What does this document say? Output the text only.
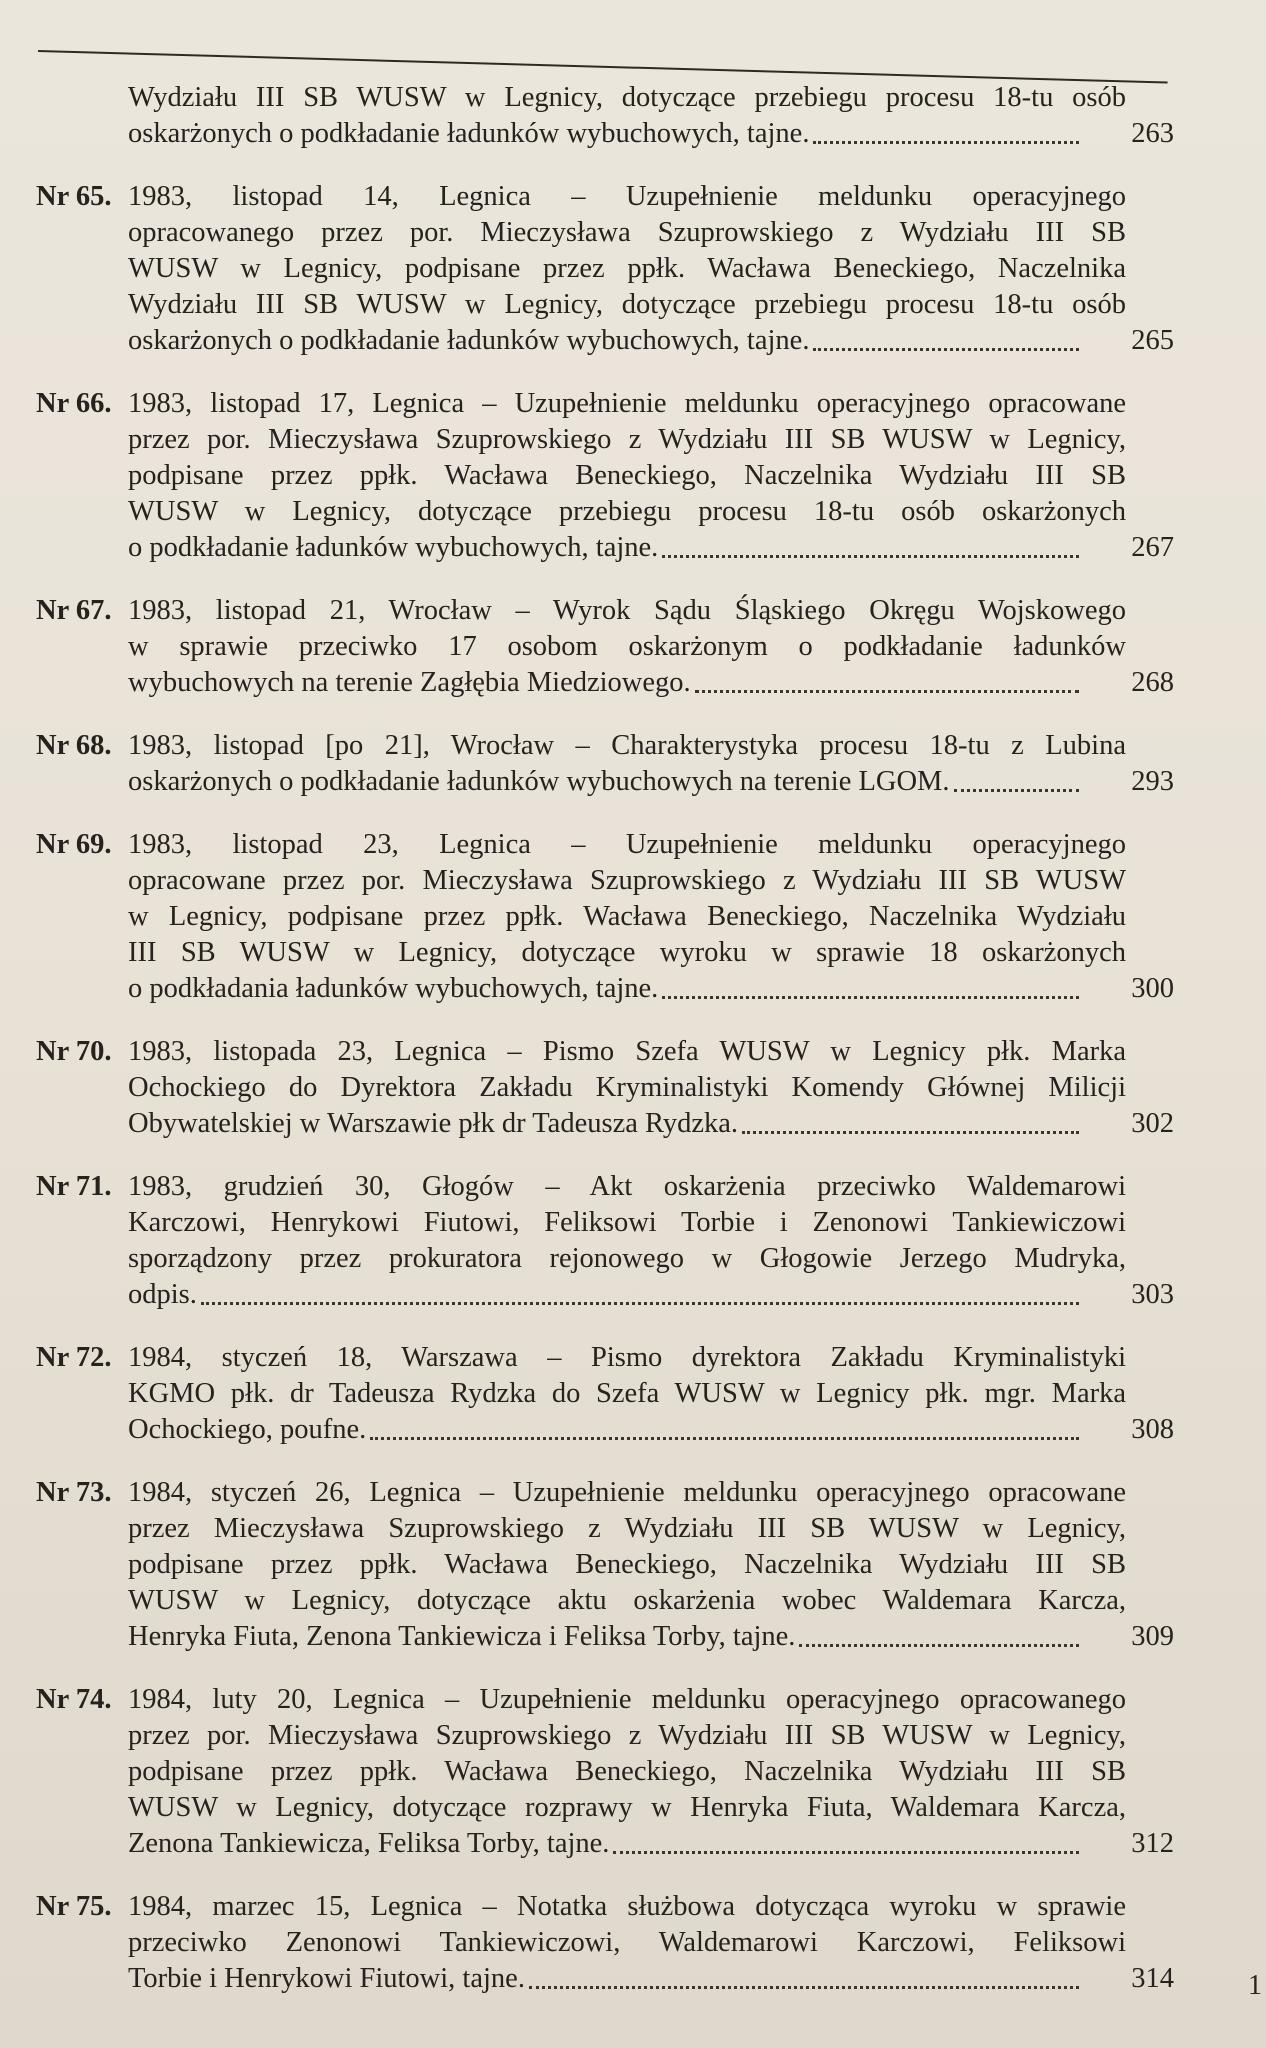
Wydziału III SB WUSW w Legnicy, dotyczące przebiegu procesu 18-tu osób
oskarżonych o podkładanie ładunków wybuchowych, tajne.	263
Nr 65. 1983, listopad 14, Legnica – Uzupełnienie meldunku operacyjnego
opracowanego przez por. Mieczysława Szuprowskiego z Wydziału III SB
WUSW w Legnicy, podpisane przez ppłk. Wacława Beneckiego, Naczelnika
Wydziału III SB WUSW w Legnicy, dotyczące przebiegu procesu 18-tu osób
oskarżonych o podkładanie ładunków wybuchowych, tajne.	265
Nr 66. 1983, listopad 17, Legnica – Uzupełnienie meldunku operacyjnego opracowane
przez por. Mieczysława Szuprowskiego z Wydziału III SB WUSW w Legnicy,
podpisane przez ppłk. Wacława Beneckiego, Naczelnika Wydziału III SB
WUSW w Legnicy, dotyczące przebiegu procesu 18-tu osób oskarżonych
o podkładanie ładunków wybuchowych, tajne.	267
Nr 67. 1983, listopad 21, Wrocław – Wyrok Sądu Śląskiego Okręgu Wojskowego
w sprawie przeciwko 17 osobom oskarżonym o podkładanie ładunków
wybuchowych na terenie Zagłębia Miedziowego.	268
Nr 68. 1983, listopad [po 21], Wrocław – Charakterystyka procesu 18-tu z Lubina
oskarżonych o podkładanie ładunków wybuchowych na terenie LGOM.	293
Nr 69. 1983, listopad 23, Legnica – Uzupełnienie meldunku operacyjnego
opracowane przez por. Mieczysława Szuprowskiego z Wydziału III SB WUSW
w Legnicy, podpisane przez ppłk. Wacława Beneckiego, Naczelnika Wydziału
III SB WUSW w Legnicy, dotyczące wyroku w sprawie 18 oskarżonych
o podkładania ładunków wybuchowych, tajne.	300
Nr 70. 1983, listopada 23, Legnica – Pismo Szefa WUSW w Legnicy płk. Marka
Ochockiego do Dyrektora Zakładu Kryminalistyki Komendy Głównej Milicji
Obywatelskiej w Warszawie płk dr Tadeusza Rydzka.	302
Nr 71. 1983, grudzień 30, Głogów – Akt oskarżenia przeciwko Waldemarowi
Karczowi, Henrykowi Fiutowi, Feliksowi Torbie i Zenonowi Tankiewiczowi
sporządzony przez prokuratora rejonowego w Głogowie Jerzego Mudryka,
odpis.	303
Nr 72. 1984, styczeń 18, Warszawa – Pismo dyrektora Zakładu Kryminalistyki
KGMO płk. dr Tadeusza Rydzka do Szefa WUSW w Legnicy płk. mgr. Marka
Ochockiego, poufne.	308
Nr 73. 1984, styczeń 26, Legnica – Uzupełnienie meldunku operacyjnego opracowane
przez Mieczysława Szuprowskiego z Wydziału III SB WUSW w Legnicy,
podpisane przez ppłk. Wacława Beneckiego, Naczelnika Wydziału III SB
WUSW w Legnicy, dotyczące aktu oskarżenia wobec Waldemara Karcza,
Henryka Fiuta, Zenona Tankiewicza i Feliksa Torby, tajne.	309
Nr 74. 1984, luty 20, Legnica – Uzupełnienie meldunku operacyjnego opracowanego
przez por. Mieczysława Szuprowskiego z Wydziału III SB WUSW w Legnicy,
podpisane przez ppłk. Wacława Beneckiego, Naczelnika Wydziału III SB
WUSW w Legnicy, dotyczące rozprawy w Henryka Fiuta, Waldemara Karcza,
Zenona Tankiewicza, Feliksa Torby, tajne.	312
Nr 75. 1984, marzec 15, Legnica – Notatka służbowa dotycząca wyroku w sprawie
przeciwko Zenonowi Tankiewiczowi, Waldemarowi Karczowi, Feliksowi
Torbie i Henrykowi Fiutowi, tajne.	314	1
